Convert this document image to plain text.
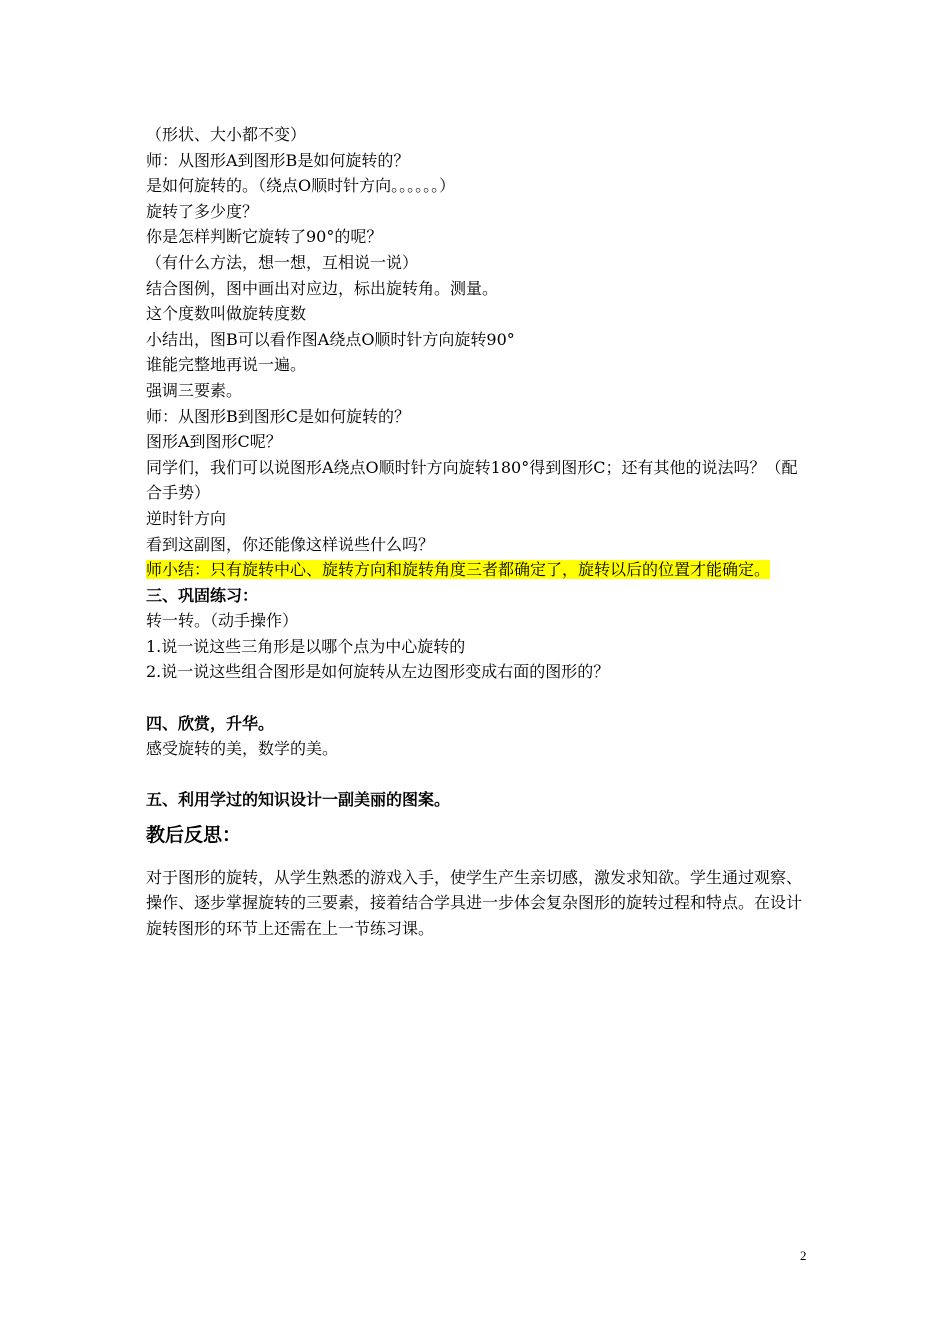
（形状、大小都不变）
师：从图形A到图形B是如何旋转的？
是如何旋转的。（绕点O顺时针方向。。。。。。）
旋转了多少度？
你是怎样判断它旋转了90°的呢？
（有什么方法，想一想，互相说一说）
结合图例，图中画出对应边，标出旋转角。测量。
这个度数叫做旋转度数
小结出，图B可以看作图A绕点O顺时针方向旋转90°
谁能完整地再说一遍。
强调三要素。
师：从图形B到图形C是如何旋转的？
图形A到图形C呢？
同学们，我们可以说图形A绕点O顺时针方向旋转180°得到图形C；还有其他的说法吗？（配合手势）
逆时针方向
看到这副图，你还能像这样说些什么吗？
师小结：只有旋转中心、旋转方向和旋转角度三者都确定了，旋转以后的位置才能确定。
三、巩固练习：
转一转。（动手操作）
1.说一说这些三角形是以哪个点为中心旋转的
2.说一说这些组合图形是如何旋转从左边图形变成右面的图形的？
四、欣赏，升华。
感受旋转的美，数学的美。
五、利用学过的知识设计一副美丽的图案。
教后反思：
对于图形的旋转，从学生熟悉的游戏入手，使学生产生亲切感，激发求知欲。学生通过观察、操作、逐步掌握旋转的三要素，接着结合学具进一步体会复杂图形的旋转过程和特点。在设计旋转图形的环节上还需在上一节练习课。
2
